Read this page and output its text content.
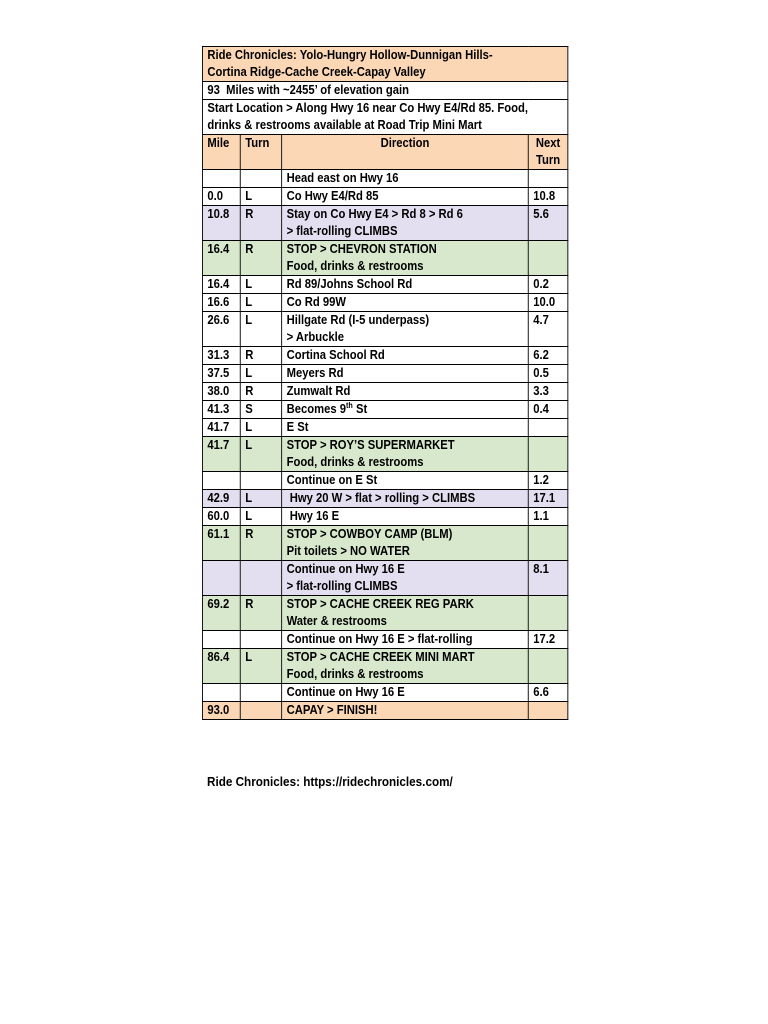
Ride Chronicles: Yolo-Hungry Hollow-Dunnigan Hills-
Cortina Ridge-Cache Creek-Capay Valley			

93  Miles with ~2455’ of elevation gain			

Start Location > Along Hwy 16 near Co Hwy E4/Rd 85. Food,
drinks & restrooms available at Road Trip Mini Mart			

Mile	Turn	Direction	Next
Turn

		Head east on Hwy 16	

0.0	L	Co Hwy E4/Rd 85	10.8
10.8	R	Stay on Co Hwy E4 > Rd 8 > Rd 6
> flat-rolling CLIMBS	5.6
16.4	R	STOP > CHEVRON STATION
Food, drinks & restrooms	

16.4	L	Rd 89/Johns School Rd	0.2
16.6	L	Co Rd 99W	10.0
26.6	L	Hillgate Rd (I-5 underpass)
> Arbuckle	4.7
31.3	R	Cortina School Rd	6.2
37.5	L	Meyers Rd	0.5
38.0	R	Zumwalt Rd	3.3
41.3	S	Becomes 9th St	0.4
41.7	L	E St	

41.7	L	STOP > ROY’S SUPERMARKET
Food, drinks & restrooms	

		Continue on E St	1.2
42.9	L	Hwy 20 W > flat > rolling > CLIMBS	17.1
60.0	L	Hwy 16 E	1.1
61.1	R	STOP > COWBOY CAMP (BLM)
Pit toilets > NO WATER	

		Continue on Hwy 16 E
> flat-rolling CLIMBS	8.1
69.2	R	STOP > CACHE CREEK REG PARK
Water & restrooms	

		Continue on Hwy 16 E > flat-rolling	17.2
86.4	L	STOP > CACHE CREEK MINI MART
Food, drinks & restrooms	

		Continue on Hwy 16 E	6.6
93.0		CAPAY > FINISH!	

Ride Chronicles: https://ridechronicles.com/
